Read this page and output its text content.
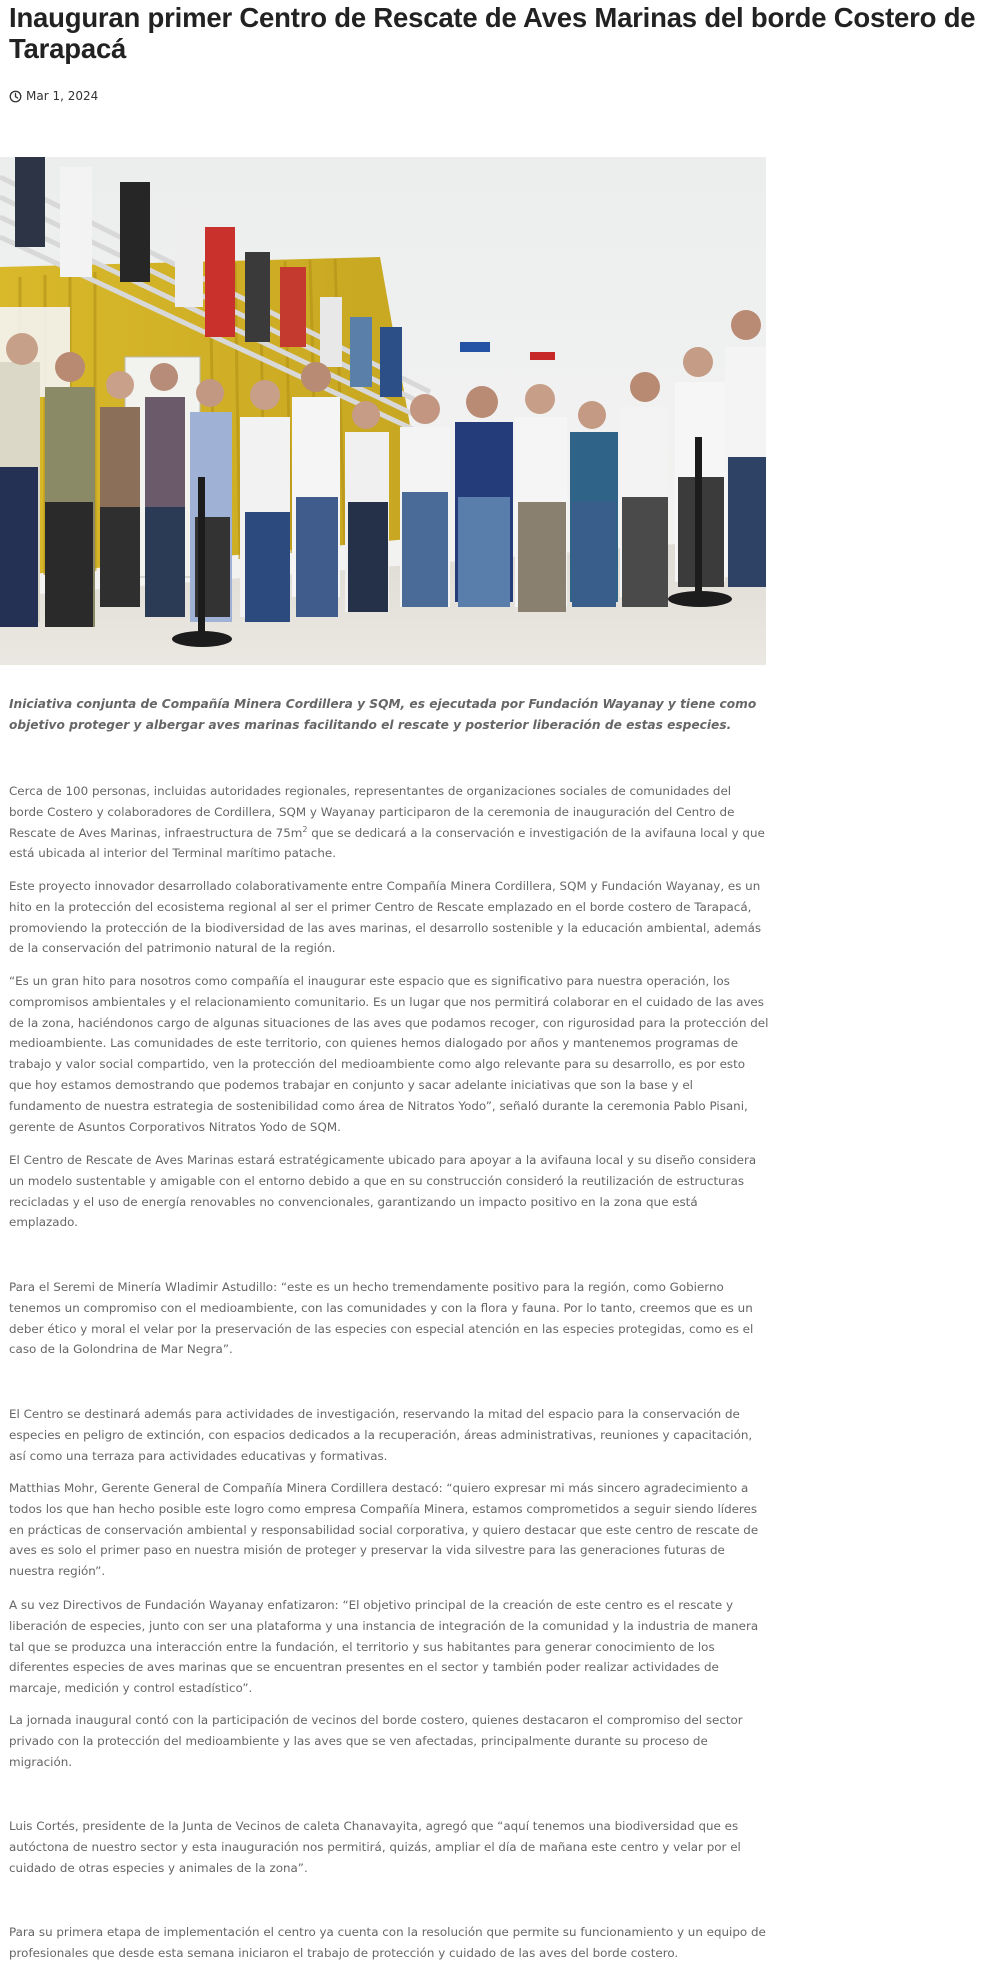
Inauguran primer Centro de Rescate de Aves Marinas del borde Costero de Tarapacá
Mar 1, 2024

Iniciativa conjunta de Compañía Minera Cordillera y SQM, es ejecutada por Fundación Wayanay y tiene como objetivo proteger y albergar aves marinas facilitando el rescate y posterior liberación de estas especies.

Cerca de 100 personas, incluidas autoridades regionales, representantes de organizaciones sociales de comunidades del borde Costero y colaboradores de Cordillera, SQM y Wayanay participaron de la ceremonia de inauguración del Centro de Rescate de Aves Marinas, infraestructura de $75m^2$ que se dedicará a la conservación e investigación de la avifauna local y que está ubicada al interior del Terminal marítimo patache.

Este proyecto innovador desarrollado colaborativamente entre Compañía Minera Cordillera, SQM y Fundación Wayanay, es un hito en la protección del ecosistema regional al ser el primer Centro de Rescate emplazado en el borde costero de Tarapacá, promoviendo la protección de la biodiversidad de las aves marinas, el desarrollo sostenible y la educación ambiental, además de la conservación del patrimonio natural de la región.

“Es un gran hito para nosotros como compañía el inaugurar este espacio que es significativo para nuestra operación, los compromisos ambientales y el relacionamiento comunitario. Es un lugar que nos permitirá colaborar en el cuidado de las aves de la zona, haciéndonos cargo de algunas situaciones de las aves que podamos recoger, con rigurosidad para la protección del medioambiente. Las comunidades de este territorio, con quienes hemos dialogado por años y mantenemos programas de trabajo y valor social compartido, ven la protección del medioambiente como algo relevante para su desarrollo, es por esto que hoy estamos demostrando que podemos trabajar en conjunto y sacar adelante iniciativas que son la base y el fundamento de nuestra estrategia de sostenibilidad como área de Nitratos Yodo”, señaló durante la ceremonia Pablo Pisani, gerente de Asuntos Corporativos Nitratos Yodo de SQM.

El Centro de Rescate de Aves Marinas estará estratégicamente ubicado para apoyar a la avifauna local y su diseño considera un modelo sustentable y amigable con el entorno debido a que en su construcción consideró la reutilización de estructuras recicladas y el uso de energía renovables no convencionales, garantizando un impacto positivo en la zona que está emplazado.

Para el Seremi de Minería Wladimir Astudillo: “este es un hecho tremendamente positivo para la región, como Gobierno tenemos un compromiso con el medioambiente, con las comunidades y con la flora y fauna. Por lo tanto, creemos que es un deber ético y moral el velar por la preservación de las especies con especial atención en las especies protegidas, como es el caso de la Golondrina de Mar Negra”.

El Centro se destinará además para actividades de investigación, reservando la mitad del espacio para la conservación de especies en peligro de extinción, con espacios dedicados a la recuperación, áreas administrativas, reuniones y capacitación, así como una terraza para actividades educativas y formativas.

Matthias Mohr, Gerente General de Compañía Minera Cordillera destacó: “quiero expresar mi más sincero agradecimiento a todos los que han hecho posible este logro como empresa Compañía Minera, estamos comprometidos a seguir siendo líderes en prácticas de conservación ambiental y responsabilidad social corporativa, y quiero destacar que este centro de rescate de aves es solo el primer paso en nuestra misión de proteger y preservar la vida silvestre para las generaciones futuras de nuestra región”.

A su vez Directivos de Fundación Wayanay enfatizaron: “El objetivo principal de la creación de este centro es el rescate y liberación de especies, junto con ser una plataforma y una instancia de integración de la comunidad y la industria de manera tal que se produzca una interacción entre la fundación, el territorio y sus habitantes para generar conocimiento de los diferentes especies de aves marinas que se encuentran presentes en el sector y también poder realizar actividades de marcaje, medición y control estadístico”.

La jornada inaugural contó con la participación de vecinos del borde costero, quienes destacaron el compromiso del sector privado con la protección del medioambiente y las aves que se ven afectadas, principalmente durante su proceso de migración.

Luis Cortés, presidente de la Junta de Vecinos de caleta Chanavayita, agregó que “aquí tenemos una biodiversidad que es autóctona de nuestro sector y esta inauguración nos permitirá, quizás, ampliar el día de mañana este centro y velar por el cuidado de otras especies y animales de la zona”.

Para su primera etapa de implementación el centro ya cuenta con la resolución que permite su funcionamiento y un equipo de profesionales que desde esta semana iniciaron el trabajo de protección y cuidado de las aves del borde costero.
